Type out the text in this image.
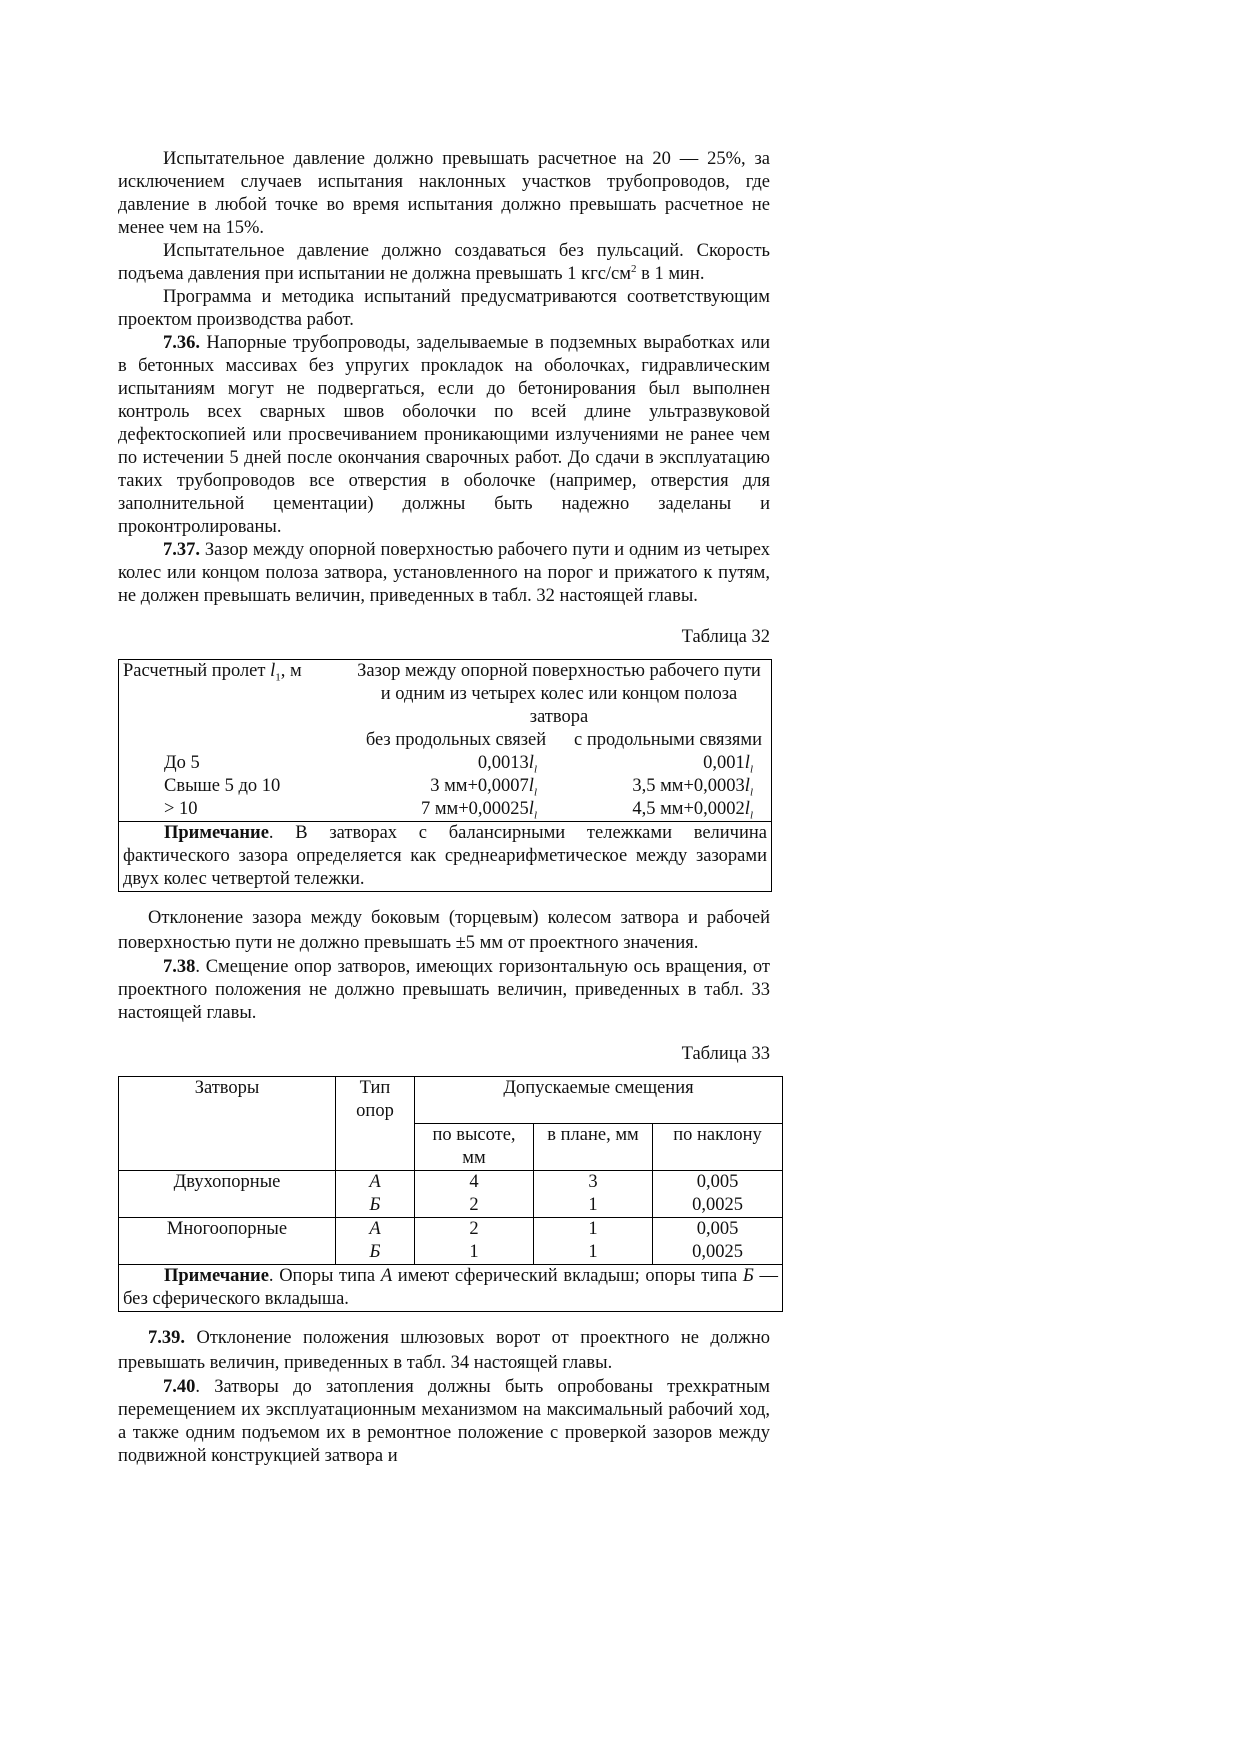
Испытательное давление должно превышать расчетное на 20 — 25%, за исключением случаев испытания наклонных участков трубопроводов, где давление в любой точке во время испытания должно превышать расчетное не менее чем на 15%.

Испытательное давление должно создаваться без пульсаций. Скорость подъема давления при испытании не должна превышать 1 кгс/$см^2$ в 1 мин.

Программа и методика испытаний предусматриваются соответствующим проектом производства работ.

7.36. Напорные трубопроводы, заделываемые в подземных выработках или в бетонных массивах без упругих прокладок на оболочках, гидравлическим испытаниям могут не подвергаться, если до бетонирования был выполнен контроль всех сварных швов оболочки по всей длине ультразвуковой дефектоскопией или просвечиванием проникающими излучениями не ранее чем по истечении 5 дней после окончания сварочных работ. До сдачи в эксплуатацию таких трубопроводов все отверстия в оболочке (например, отверстия для заполнительной цементации) должны быть надежно заделаны и проконтролированы.

7.37. Зазор между опорной поверхностью рабочего пути и одним из четырех колес или концом полоза затвора, установленного на порог и прижатого к путям, не должен превышать величин, приведенных в табл. 32 настоящей главы.

Таблица 32
Расчетный пролет $l_1$, м	Зазор между опорной поверхностью рабочего пути и одним из четырех колес или концом полоза затвора	
	без продольных связей	с продольными связями
До 5	$0,0013l_l$	$0,001l_l$
Свыше 5 до 10	3 $мм+0,0007l_l$	3,5 $мм+0,0003l_l$
> 10	7 $мм+0,00025l_l$	4,5 $мм+0,0002l_l$
Примечание. В затворах с балансирными тележками величина фактического зазора определяется как среднеарифметическое между зазорами двух колес четвертой тележки.		

Отклонение зазора между боковым (торцевым) колесом затвора и рабочей поверхностью пути не должно превышать ±5 мм от проектного значения.

7.38. Смещение опор затворов, имеющих горизонтальную ось вращения, от проектного положения не должно превышать величин, приведенных в табл. 33 настоящей главы.

Таблица 33
Затворы	Тип опор	Допускаемые смещения		
		по высоте, мм	в плане, мм	по наклону
Двухопорные	А	4	3	0,005
	Б	2	1	0,0025
Многоопорные	А	2	1	0,005
	Б	1	1	0,0025
Примечание. Опоры типа А имеют сферический вкладыш; опоры типа Б — без сферического вкладыша.				

7.39. Отклонение положения шлюзовых ворот от проектного не должно превышать величин, приведенных в табл. 34 настоящей главы.

7.40. Затворы до затопления должны быть опробованы трехкратным перемещением их эксплуатационным механизмом на максимальный рабочий ход, а также одним подъемом их в ремонтное положение с проверкой зазоров между подвижной конструкцией затвора и
